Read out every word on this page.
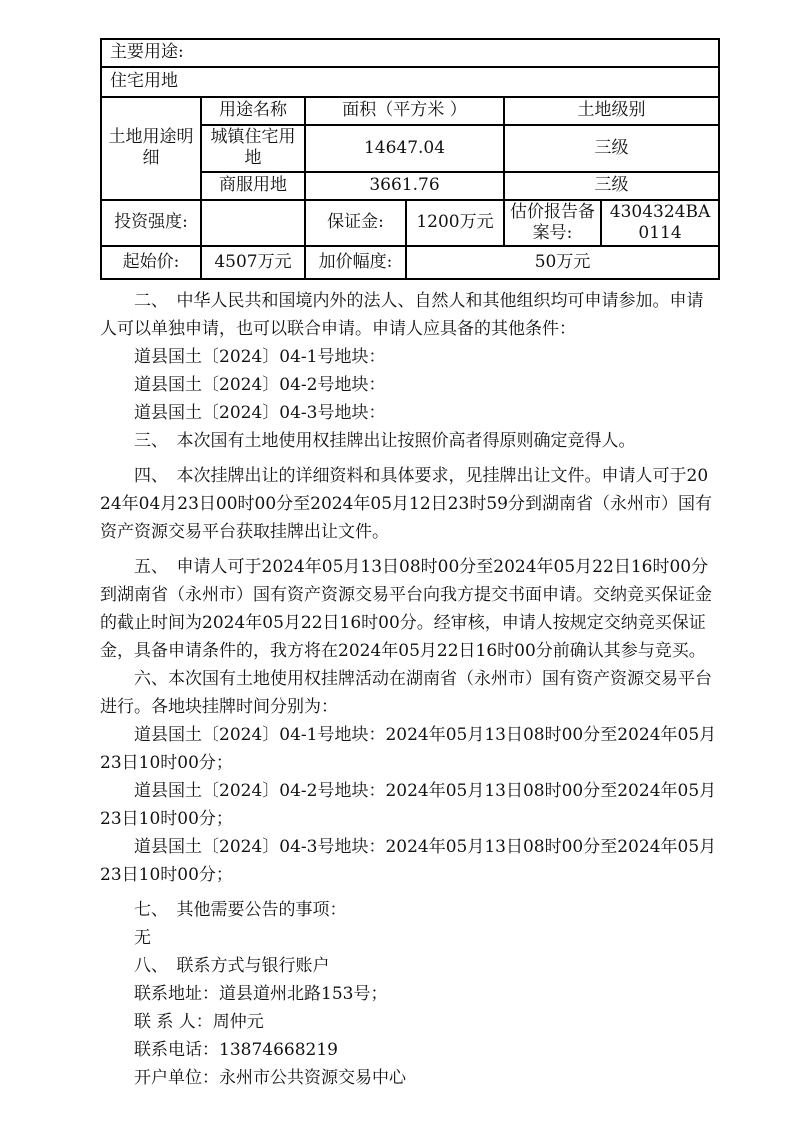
主要用途:					
住宅用地					
土地用途明细	用途名称	面积（平方米 ）		土地级别	
	城镇住宅用地	14647.04		三级	
	商服用地	3661.76		三级	
投资强度:		保证金:	1200万元	估价报告备案号:	4304324BA0114
起始价:	4507万元	加价幅度:	50万元		

二、　中华人民共和国境内外的法人、自然人和其他组织均可申请参加。申请人可以单独申请，也可以联合申请。申请人应具备的其他条件：

道县国土〔2024〕04-1号地块：

道县国土〔2024〕04-2号地块：

道县国土〔2024〕04-3号地块：

三、　本次国有土地使用权挂牌出让按照价高者得原则确定竞得人。

四、　本次挂牌出让的详细资料和具体要求，见挂牌出让文件。申请人可于2024年04月23日00时00分至2024年05月12日23时59分到湖南省（永州市）国有资产资源交易平台获取挂牌出让文件。

五、　申请人可于2024年05月13日08时00分至2024年05月22日16时00分到湖南省（永州市）国有资产资源交易平台向我方提交书面申请。交纳竞买保证金的截止时间为2024年05月22日16时00分。经审核，申请人按规定交纳竞买保证金，具备申请条件的，我方将在2024年05月22日16时00分前确认其参与竞买。

六、本次国有土地使用权挂牌活动在湖南省（永州市）国有资产资源交易平台进行。各地块挂牌时间分别为：

道县国土〔2024〕04-1号地块：2024年05月13日08时00分至2024年05月23日10时00分；

道县国土〔2024〕04-2号地块：2024年05月13日08时00分至2024年05月23日10时00分；

道县国土〔2024〕04-3号地块：2024年05月13日08时00分至2024年05月23日10时00分；

七、　其他需要公告的事项：

无

八、　联系方式与银行账户

联系地址：道县道州北路153号；

联 系 人：周仲元

联系电话：13874668219

开户单位：永州市公共资源交易中心
